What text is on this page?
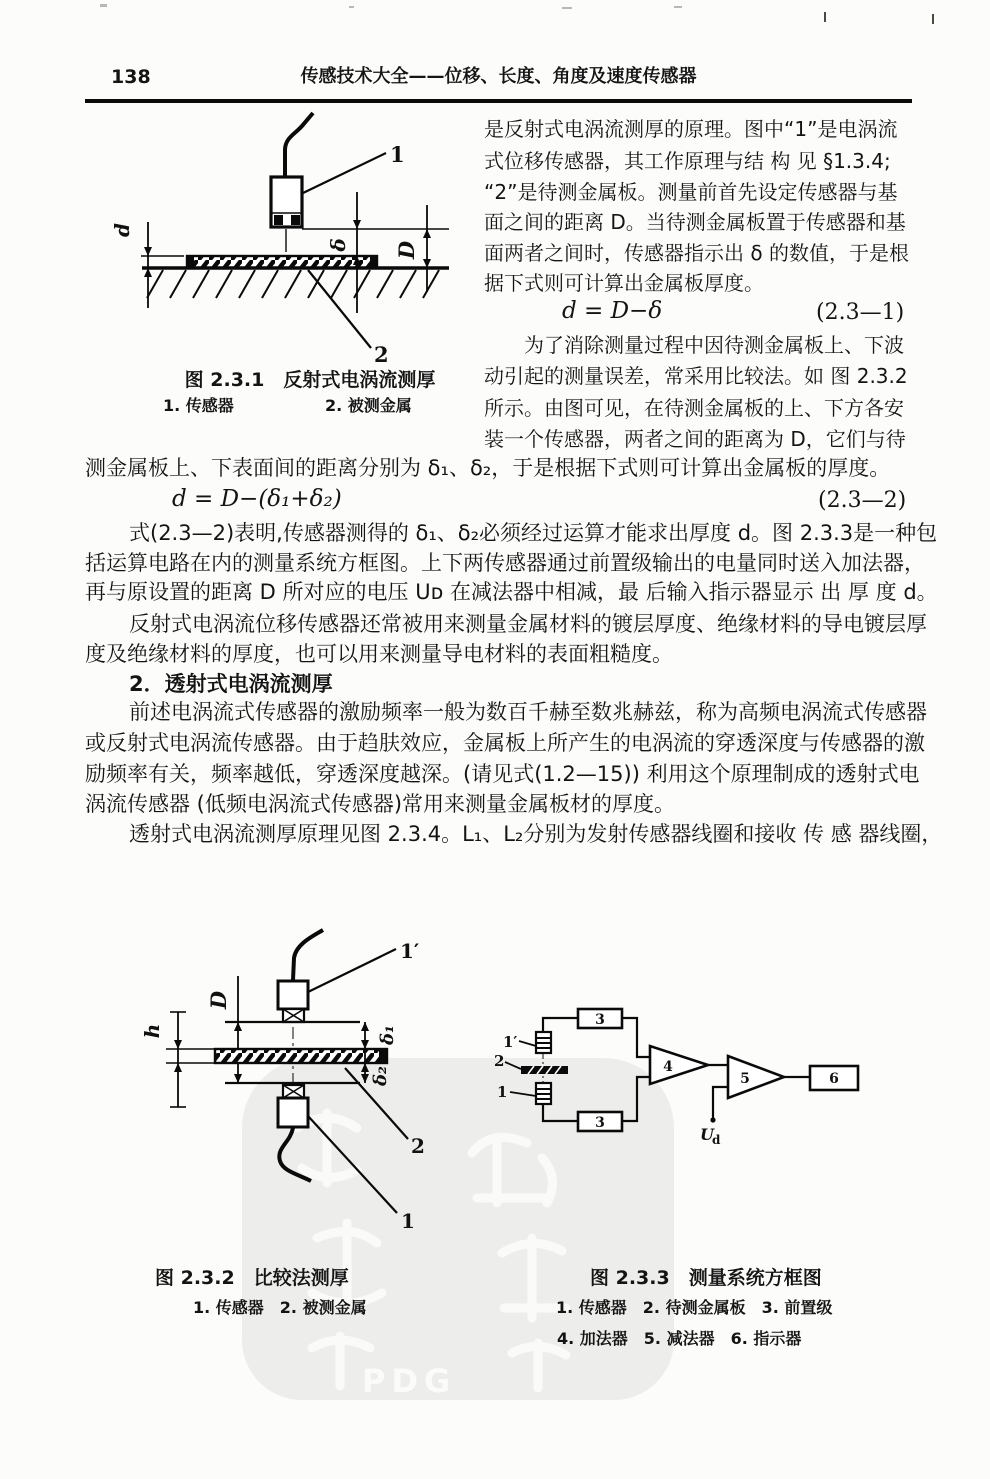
138	传感技术大全——位移、长度、角度及速度传感器
是反射式电涡流测厚的原理。图中“1”是电涡流
式位移传感器，其工作原理与结 构 见 §1.3.4;
“2”是待测金属板。测量前首先设定传感器与基
面之间的距离 D。当待测金属板置于传感器和基
面两者之间时，传感器指示出 δ 的数值，于是根
据下式则可计算出金属板厚度。
d = D−δ	(2.3—1)
为了消除测量过程中因待测金属板上、下波
动引起的测量误差，常采用比较法。如 图 2.3.2
所示。由图可见，在待测金属板的上、下方各安
装一个传感器，两者之间的距离为 D，它们与待
测金属板上、下表面间的距离分别为 δ₁、δ₂，于是根据下式则可计算出金属板的厚度。
d = D−(δ₁+δ₂)	(2.3—2)
式(2.3—2)表明,传感器测得的 δ₁、δ₂必须经过运算才能求出厚度 d。图 2.3.3是一种包
括运算电路在内的测量系统方框图。上下两传感器通过前置级输出的电量同时送入加法器，
再与原设置的距离 D 所对应的电压 Uᴅ 在减法器中相减，最 后输入指示器显示 出 厚 度 d。
反射式电涡流位移传感器还常被用来测量金属材料的镀层厚度、绝缘材料的导电镀层厚
度及绝缘材料的厚度，也可以用来测量导电材料的表面粗糙度。
2．透射式电涡流测厚
前述电涡流式传感器的激励频率一般为数百千赫至数兆赫兹，称为高频电涡流式传感器
或反射式电涡流传感器。由于趋肤效应，金属板上所产生的电涡流的穿透深度与传感器的激
励频率有关，频率越低，穿透深度越深。(请见式(1.2—15)) 利用这个原理制成的透射式电
涡流传感器 (低频电涡流式传感器)常用来测量金属板材的厚度。
透射式电涡流测厚原理见图 2.3.4。L₁、L₂分别为发射传感器线圈和接收 传 感 器线圈，
PDG
1
d
δ D
2
图 2.3.1　反射式电涡流测厚
1. 传感器	2. 被测金属
1′
D
h	δ₁
δ₂
2
1
图 2.3.2　比较法测厚
1. 传感器　2. 被测金属
1′
2
1
3
3
4
5	6
U
d
图 2.3.3　测量系统方框图
1. 传感器　2. 待测金属板　3. 前置级
4. 加法器　5. 减法器　6. 指示器
